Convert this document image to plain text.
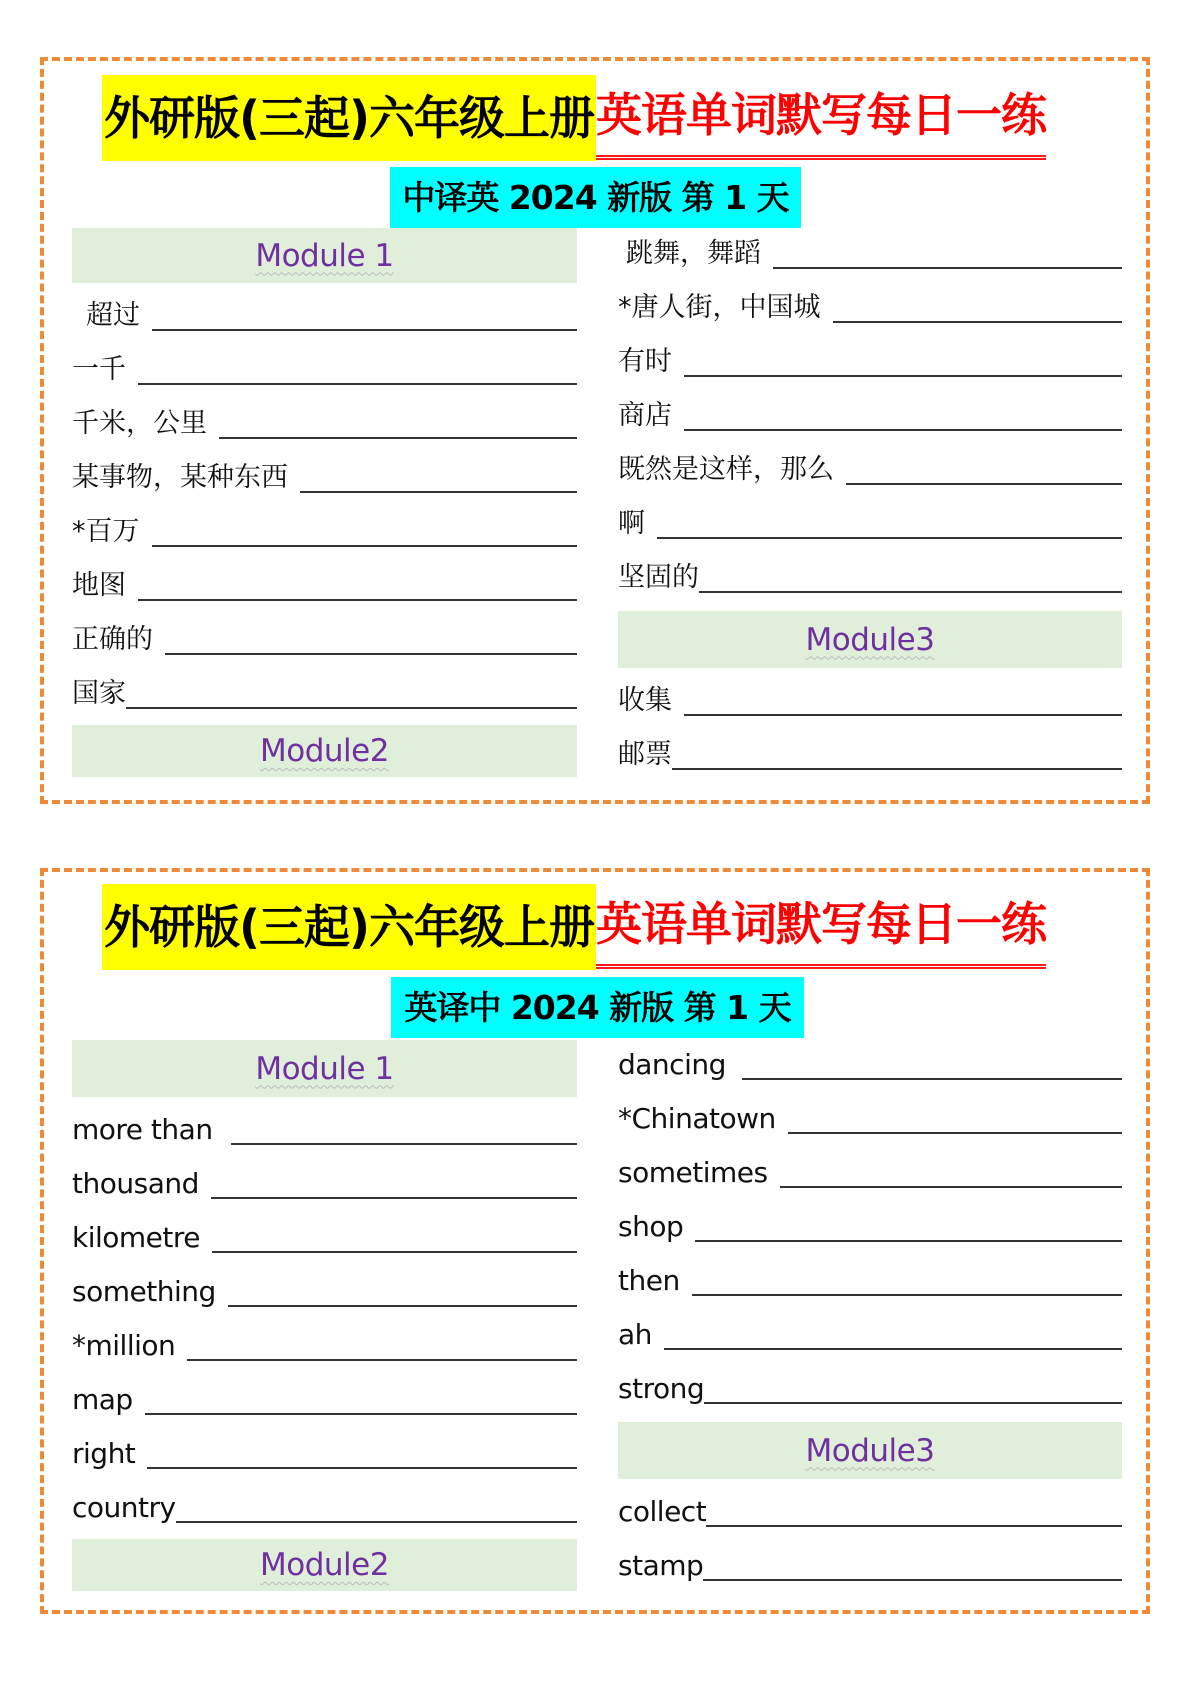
外研版(三起)六年级上册 英语单词默写每日一练
中译英 2024 新版 第 1 天
Module 1
超过
一千
千米，公里
某事物，某种东西
*百万
地图
正确的
国家
Module2
跳舞，舞蹈
*唐人街，中国城
有时
商店
既然是这样，那么
啊
坚固的
Module3
收集
邮票
外研版(三起)六年级上册 英语单词默写每日一练
英译中 2024 新版 第 1 天
Module 1
more than
thousand
kilometre
something
*million
map
right
country
Module2
dancing
*Chinatown
sometimes
shop
then
ah
strong
Module3
collect
stamp
